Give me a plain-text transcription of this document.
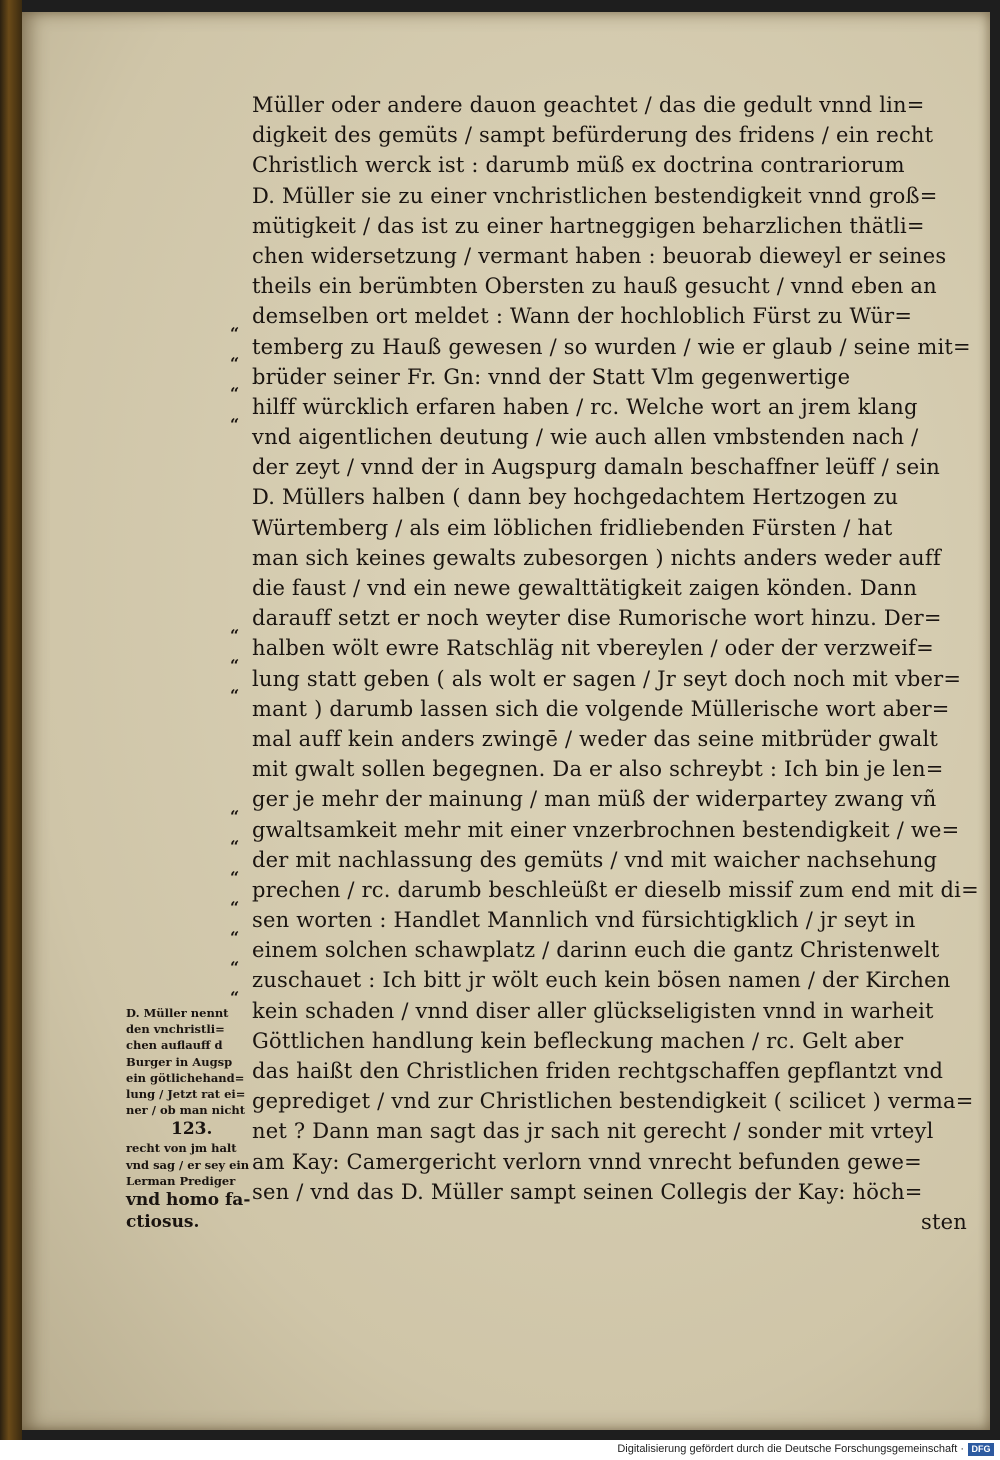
Müller oder andere dauon geachtet / das die gedult vnnd lin=
digkeit des gemüts / sampt befürderung des fridens / ein recht
Christlich werck ist : darumb müß ex doctrina contrariorum
D. Müller sie zu einer vnchristlichen bestendigkeit vnnd groß=
mütigkeit / das ist zu einer hartneggigen beharzlichen thätli=
chen widersetzung / vermant haben : beuorab dieweyl er seines
theils ein berümbten Obersten zu hauß gesucht / vnnd eben an
demselben ort meldet : Wann der hochloblich Fürst zu Wür=
temberg zu Hauß gewesen / so wurden / wie er glaub / seine mit=
brüder seiner Fr. Gn: vnnd der Statt Vlm gegenwertige
hilff würcklich erfaren haben / rc. Welche wort an jrem klang
vnd aigentlichen deutung / wie auch allen vmbstenden nach /
der zeyt / vnnd der in Augspurg damaln beschaffner leüff / sein
D. Müllers halben ( dann bey hochgedachtem Hertzogen zu
Würtemberg / als eim löblichen fridliebenden Fürsten / hat
man sich keines gewalts zubesorgen ) nichts anders weder auff
die faust / vnd ein newe gewalttätigkeit zaigen könden. Dann
darauff setzt er noch weyter dise Rumorische wort hinzu. Der=
halben wölt ewre Ratschläg nit vbereylen / oder der verzweif=
lung statt geben ( als wolt er sagen / Jr seyt doch noch mit vber=
mant ) darumb lassen sich die volgende Müllerische wort aber=
mal auff kein anders zwingē / weder das seine mitbrüder gwalt
mit gwalt sollen begegnen. Da er also schreybt : Ich bin je len=
ger je mehr der mainung / man müß der widerpartey zwang vñ
gwaltsamkeit mehr mit einer vnzerbrochnen bestendigkeit / we=
der mit nachlassung des gemüts / vnd mit waicher nachsehung
prechen / rc. darumb beschleüßt er dieselb missif zum end mit di=
sen worten : Handlet Mannlich vnd fürsichtigklich / jr seyt in
einem solchen schawplatz / darinn euch die gantz Christenwelt
zuschauet : Ich bitt jr wölt euch kein bösen namen / der Kirchen
kein schaden / vnnd diser aller glückseligisten vnnd in warheit
Göttlichen handlung kein befleckung machen / rc. Gelt aber
das haißt den Christlichen friden rechtgschaffen gepflantzt vnd
geprediget / vnd zur Christlichen bestendigkeit ( scilicet ) verma=
net ? Dann man sagt das jr sach nit gerecht / sonder mit vrteyl
am Kay: Camergericht verlorn vnnd vnrecht befunden gewe=
sen / vnd das D. Müller sampt seinen Collegis der Kay: höch=
sten
“
“
“
“
“
“
“
“
“
“
“
“
“
“
D. Müller nennt
den vnchristli=
chen auflauff d
Burger in Augsp
ein götlichehand=
lung / Jetzt rat ei=
ner / ob man nicht
123.
recht von jm halt
vnd sag / er sey ein
Lerman Prediger
vnd homo fa-
ctiosus.
Digitalisierung gefördert durch die Deutsche Forschungsgemeinschaft · DFG
